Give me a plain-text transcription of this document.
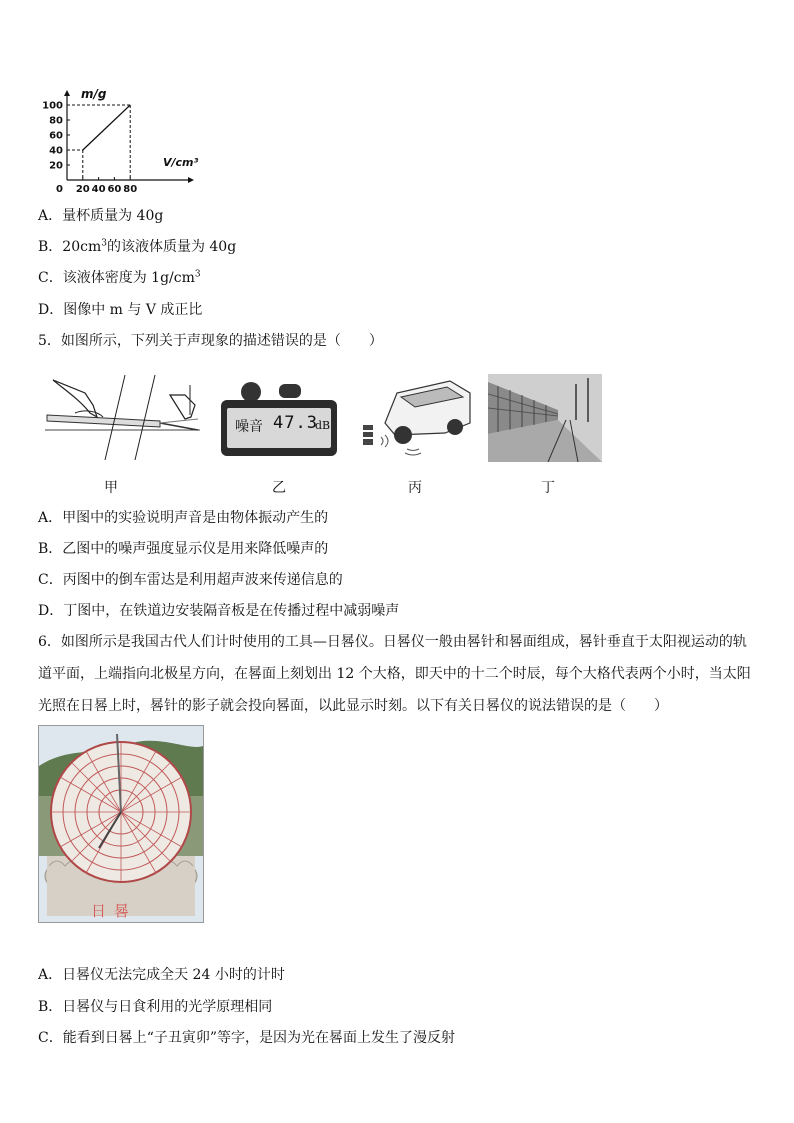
20 40 60 80
20
40
60
80
100
0
m/g
V/cm³
A．量杯质量为 40g
B．$20cm^3$的该液体质量为 40g
C．该液体密度为 $1g/cm^3$
D．图像中 m 与 V 成正比
5．如图所示，下列关于声现象的描述错误的是（　　）
噪音 47.3
dB
甲	乙	丙	丁
A．甲图中的实验说明声音是由物体振动产生的
B．乙图中的噪声强度显示仪是用来降低噪声的
C．丙图中的倒车雷达是利用超声波来传递信息的
D．丁图中，在铁道边安装隔音板是在传播过程中减弱噪声
6．如图所示是我国古代人们计时使用的工具—日晷仪。日晷仪一般由晷针和晷面组成，晷针垂直于太阳视运动的轨道平面，上端指向北极星方向，在晷面上刻划出 12 个大格，即天中的十二个时辰，每个大格代表两个小时，当太阳光照在日晷上时，晷针的影子就会投向晷面，以此显示时刻。以下有关日晷仪的说法错误的是（　　）
日晷
A．日晷仪无法完成全天 24 小时的计时
B．日晷仪与日食利用的光学原理相同
C．能看到日晷上“子丑寅卯”等字，是因为光在晷面上发生了漫反射
